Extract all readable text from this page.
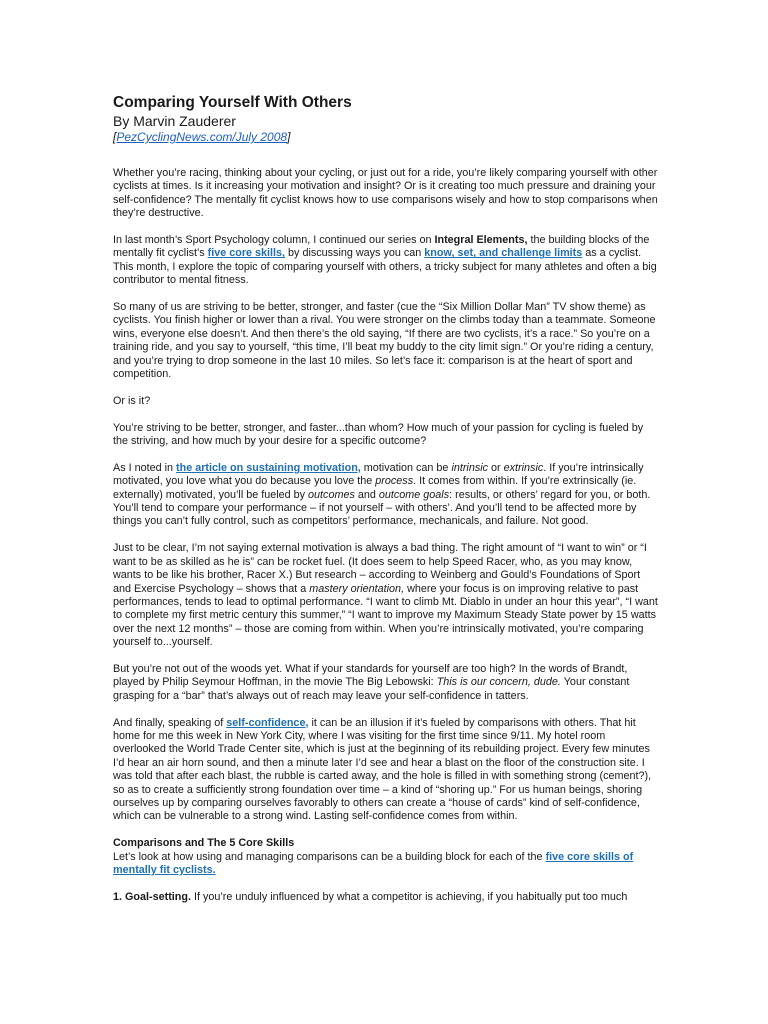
Comparing Yourself With Others
By Marvin Zauderer
[PezCyclingNews.com/July 2008]

Whether you’re racing, thinking about your cycling, or just out for a ride, you’re likely comparing yourself with other cyclists at times. Is it increasing your motivation and insight? Or is it creating too much pressure and draining your self-confidence? The mentally fit cyclist knows how to use comparisons wisely and how to stop comparisons when they’re destructive.

In last month’s Sport Psychology column, I continued our series on Integral Elements, the building blocks of the mentally fit cyclist’s five core skills, by discussing ways you can know, set, and challenge limits as a cyclist. This month, I explore the topic of comparing yourself with others, a tricky subject for many athletes and often a big contributor to mental fitness.

So many of us are striving to be better, stronger, and faster (cue the “Six Million Dollar Man” TV show theme) as cyclists. You finish higher or lower than a rival. You were stronger on the climbs today than a teammate. Someone wins, everyone else doesn’t. And then there’s the old saying, “If there are two cyclists, it’s a race.” So you’re on a training ride, and you say to yourself, “this time, I’ll beat my buddy to the city limit sign.” Or you’re riding a century, and you’re trying to drop someone in the last 10 miles. So let’s face it: comparison is at the heart of sport and competition.

Or is it?

You’re striving to be better, stronger, and faster...than whom? How much of your passion for cycling is fueled by the striving, and how much by your desire for a specific outcome?

As I noted in the article on sustaining motivation, motivation can be intrinsic or extrinsic. If you’re intrinsically motivated, you love what you do because you love the process. It comes from within. If you’re extrinsically (ie. externally) motivated, you’ll be fueled by outcomes and outcome goals: results, or others’ regard for you, or both. You’ll tend to compare your performance – if not yourself – with others’. And you’ll tend to be affected more by things you can’t fully control, such as competitors’ performance, mechanicals, and failure. Not good.

Just to be clear, I’m not saying external motivation is always a bad thing. The right amount of “I want to win” or “I want to be as skilled as he is” can be rocket fuel. (It does seem to help Speed Racer, who, as you may know, wants to be like his brother, Racer X.) But research – according to Weinberg and Gould’s Foundations of Sport and Exercise Psychology – shows that a mastery orientation, where your focus is on improving relative to past performances, tends to lead to optimal performance. “I want to climb Mt. Diablo in under an hour this year”, “I want to complete my first metric century this summer,” “I want to improve my Maximum Steady State power by 15 watts over the next 12 months” – those are coming from within. When you’re intrinsically motivated, you’re comparing yourself to...yourself.

But you’re not out of the woods yet. What if your standards for yourself are too high? In the words of Brandt, played by Philip Seymour Hoffman, in the movie The Big Lebowski: This is our concern, dude. Your constant grasping for a “bar” that’s always out of reach may leave your self-confidence in tatters.

And finally, speaking of self-confidence, it can be an illusion if it’s fueled by comparisons with others. That hit home for me this week in New York City, where I was visiting for the first time since 9/11. My hotel room overlooked the World Trade Center site, which is just at the beginning of its rebuilding project. Every few minutes I’d hear an air horn sound, and then a minute later I’d see and hear a blast on the floor of the construction site. I was told that after each blast, the rubble is carted away, and the hole is filled in with something strong (cement?), so as to create a sufficiently strong foundation over time – a kind of “shoring up.” For us human beings, shoring ourselves up by comparing ourselves favorably to others can create a “house of cards” kind of self-confidence, which can be vulnerable to a strong wind. Lasting self-confidence comes from within.

Comparisons and The 5 Core Skills
Let’s look at how using and managing comparisons can be a building block for each of the five core skills of mentally fit cyclists.

1. Goal-setting. If you’re unduly influenced by what a competitor is achieving, if you habitually put too much
